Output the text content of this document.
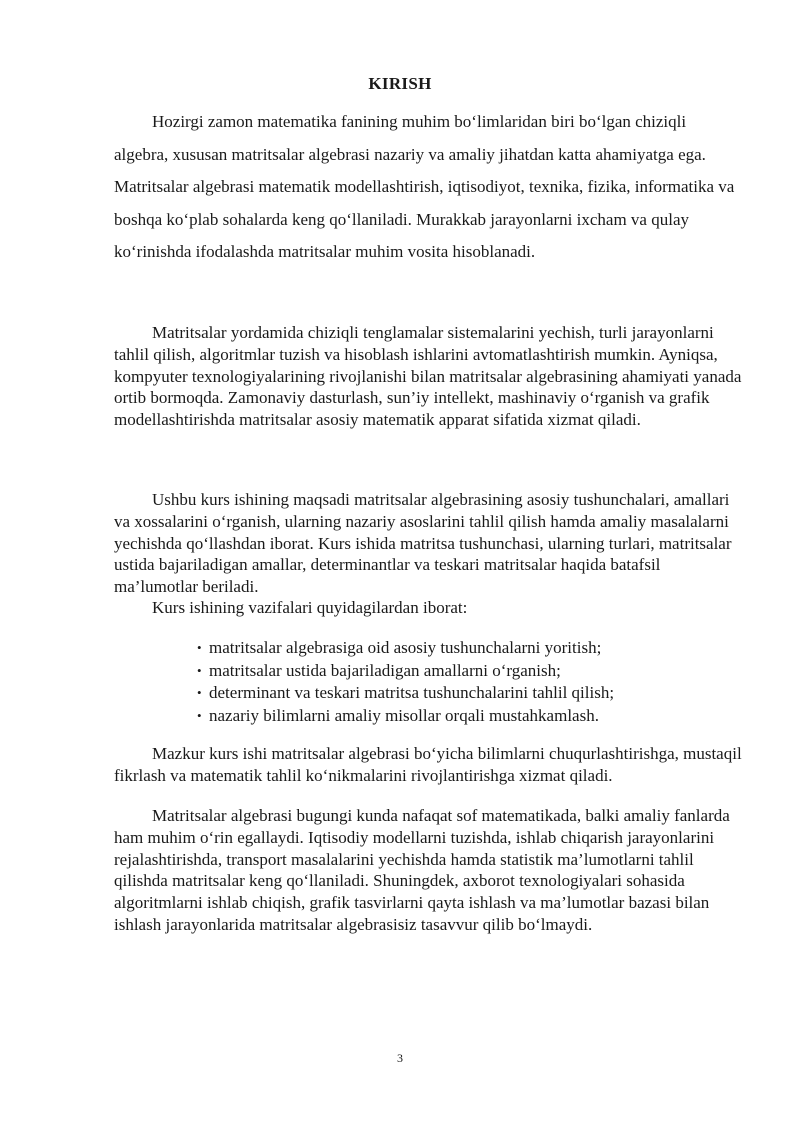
KIRISH

Hozirgi zamon matematika fanining muhim bo‘limlaridan biri bo‘lgan chiziqli algebra, xususan matritsalar algebrasi nazariy va amaliy jihatdan katta ahamiyatga ega. Matritsalar algebrasi matematik modellashtirish, iqtisodiyot, texnika, fizika, informatika va boshqa ko‘plab sohalarda keng qo‘llaniladi. Murakkab jarayonlarni ixcham va qulay ko‘rinishda ifodalashda matritsalar muhim vosita hisoblanadi.

Matritsalar yordamida chiziqli tenglamalar sistemalarini yechish, turli jarayonlarni tahlil qilish, algoritmlar tuzish va hisoblash ishlarini avtomatlashtirish mumkin. Ayniqsa, kompyuter texnologiyalarining rivojlanishi bilan matritsalar algebrasining ahamiyati yanada ortib bormoqda. Zamonaviy dasturlash, sun’iy intellekt, mashinaviy o‘rganish va grafik modellashtirishda matritsalar asosiy matematik apparat sifatida xizmat qiladi.

Ushbu kurs ishining maqsadi matritsalar algebrasining asosiy tushunchalari, amallari va xossalarini o‘rganish, ularning nazariy asoslarini tahlil qilish hamda amaliy masalalarni yechishda qo‘llashdan iborat. Kurs ishida matritsa tushunchasi, ularning turlari, matritsalar ustida bajariladigan amallar, determinantlar va teskari matritsalar haqida batafsil ma’lumotlar beriladi.

Kurs ishining vazifalari quyidagilardan iborat:

• matritsalar algebrasiga oid asosiy tushunchalarni yoritish;
• matritsalar ustida bajariladigan amallarni o‘rganish;
• determinant va teskari matritsa tushunchalarini tahlil qilish;
• nazariy bilimlarni amaliy misollar orqali mustahkamlash.

Mazkur kurs ishi matritsalar algebrasi bo‘yicha bilimlarni chuqurlashtirishga, mustaqil fikrlash va matematik tahlil ko‘nikmalarini rivojlantirishga xizmat qiladi.

Matritsalar algebrasi bugungi kunda nafaqat sof matematikada, balki amaliy fanlarda ham muhim o‘rin egallaydi. Iqtisodiy modellarni tuzishda, ishlab chiqarish jarayonlarini rejalashtirishda, transport masalalarini yechishda hamda statistik ma’lumotlarni tahlil qilishda matritsalar keng qo‘llaniladi. Shuningdek, axborot texnologiyalari sohasida algoritmlarni ishlab chiqish, grafik tasvirlarni qayta ishlash va ma’lumotlar bazasi bilan ishlash jarayonlarida matritsalar algebrasisiz tasavvur qilib bo‘lmaydi.

3
